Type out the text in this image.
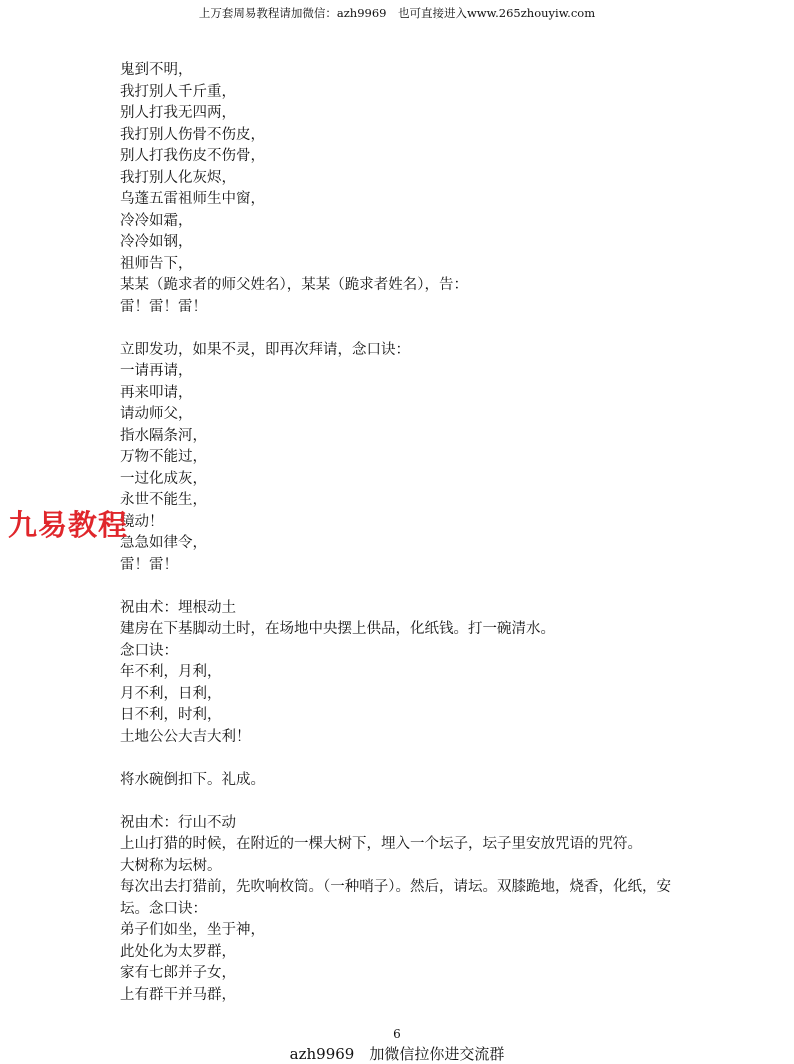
上万套周易教程请加微信：azh9969　也可直接进入www.265zhouyiw.com
鬼到不明，
我打别人千斤重，
别人打我无四两，
我打别人伤骨不伤皮，
别人打我伤皮不伤骨，
我打别人化灰烬，
乌蓬五雷祖师生中窗，
冷冷如霜，
冷冷如钢，
祖师告下，
某某（跪求者的师父姓名），某某（跪求者姓名），告：
雷！雷！雷！
立即发功，如果不灵，即再次拜请，念口诀：
一请再请，
再来叩请，
请动师父，
指水隔条河，
万物不能过，
一过化成灰，
永世不能生，
镜动！
急急如律令，
雷！雷！
祝由术：埋根动土
建房在下基脚动土时，在场地中央摆上供品，化纸钱。打一碗清水。
念口诀：
年不利，月利，
月不利，日利，
日不利，时利，
土地公公大吉大利！
将水碗倒扣下。礼成。
祝由术：行山不动
上山打猎的时候，在附近的一棵大树下，埋入一个坛子，坛子里安放咒语的咒符。
大树称为坛树。
每次出去打猎前，先吹响枚筒。（一种哨子）。然后，请坛。双膝跪地，烧香，化纸，安坛。念口诀：
弟子们如坐，坐于神，
此处化为太罗群，
家有七郎并子女，
上有群干并马群，
九易教程
6
azh9969　加微信拉你进交流群
